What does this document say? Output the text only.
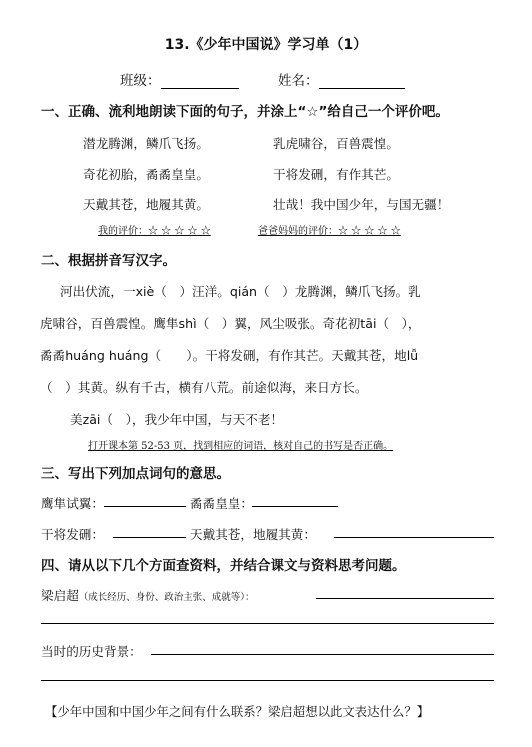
13.《少年中国说》学习单（1）
班级：	姓名：
一、正确、流利地朗读下面的句子，并涂上“☆”给自己一个评价吧。
潜龙腾渊，鳞爪飞扬。	乳虎啸谷，百兽震惶。
奇花初胎，矞矞皇皇。	干将发硎，有作其芒。
天戴其苍，地履其黄。	壮哉！我中国少年，与国无疆！
我的评价：☆ ☆ ☆ ☆ ☆	爸爸妈妈的评价：☆ ☆ ☆ ☆ ☆
二、根据拼音写汉字。
河出伏流，一xiè（　）汪洋。qián（　）龙腾渊，鳞爪飞扬。乳
虎啸谷，百兽震惶。鹰隼shì（　）翼，风尘吸张。奇花初tāi（　），
矞矞huáng huáng（　　）。干将发硎，有作其芒。天戴其苍，地lǚ
（　）其黄。纵有千古，横有八荒。前途似海，来日方长。
美zāi（　），我少年中国，与天不老！
打开课本第 52-53 页，找到相应的词语，核对自己的书写是否正确。
三、写出下列加点词句的意思。
鹰隼试翼：	矞矞皇皇：
干将发硎：	天戴其苍，地履其黄：
四、请从以下几个方面查资料，并结合课文与资料思考问题。
梁启超（成长经历、身份、政治主张、成就等）：
当时的历史背景：
【少年中国和中国少年之间有什么联系？梁启超想以此文表达什么？】
